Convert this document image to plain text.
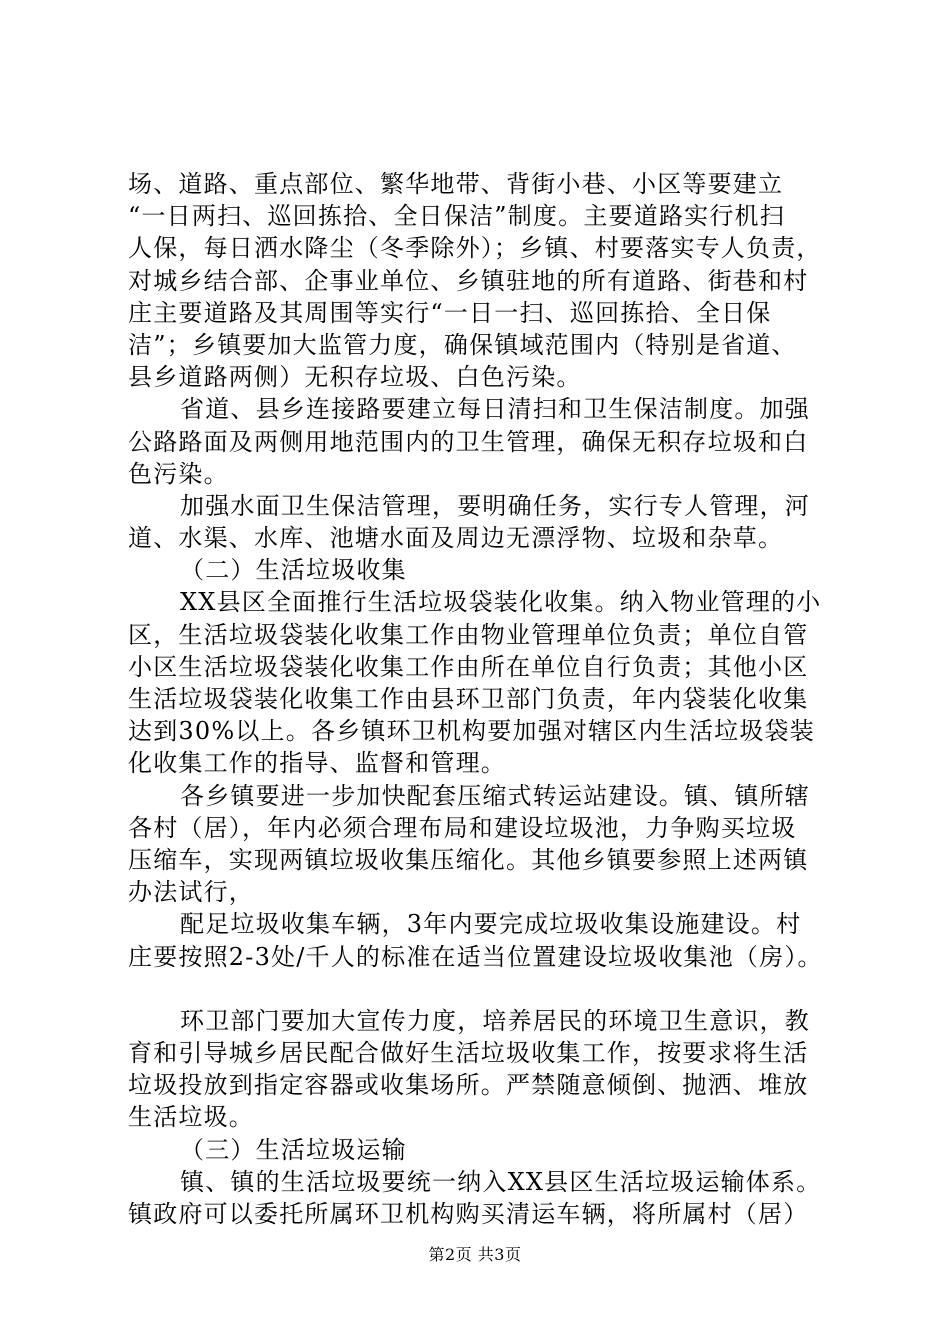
场、道路、重点部位、繁华地带、背街小巷、小区等要建立
“一日两扫、巡回拣拾、全日保洁”制度。主要道路实行机扫
人保，每日洒水降尘（冬季除外）；乡镇、村要落实专人负责，
对城乡结合部、企事业单位、乡镇驻地的所有道路、街巷和村
庄主要道路及其周围等实行“一日一扫、巡回拣拾、全日保
洁”；乡镇要加大监管力度，确保镇域范围内（特别是省道、
县乡道路两侧）无积存垃圾、白色污染。
省道、县乡连接路要建立每日清扫和卫生保洁制度。加强
公路路面及两侧用地范围内的卫生管理，确保无积存垃圾和白
色污染。
加强水面卫生保洁管理，要明确任务，实行专人管理，河
道、水渠、水库、池塘水面及周边无漂浮物、垃圾和杂草。
（二）生活垃圾收集
XX县区全面推行生活垃圾袋装化收集。纳入物业管理的小
区，生活垃圾袋装化收集工作由物业管理单位负责；单位自管
小区生活垃圾袋装化收集工作由所在单位自行负责；其他小区
生活垃圾袋装化收集工作由县环卫部门负责，年内袋装化收集
达到30%以上。各乡镇环卫机构要加强对辖区内生活垃圾袋装
化收集工作的指导、监督和管理。
各乡镇要进一步加快配套压缩式转运站建设。镇、镇所辖
各村（居），年内必须合理布局和建设垃圾池，力争购买垃圾
压缩车，实现两镇垃圾收集压缩化。其他乡镇要参照上述两镇
办法试行，
配足垃圾收集车辆，3年内要完成垃圾收集设施建设。村
庄要按照2-3处/千人的标准在适当位置建设垃圾收集池（房）。
环卫部门要加大宣传力度，培养居民的环境卫生意识，教
育和引导城乡居民配合做好生活垃圾收集工作，按要求将生活
垃圾投放到指定容器或收集场所。严禁随意倾倒、抛洒、堆放
生活垃圾。
（三）生活垃圾运输
镇、镇的生活垃圾要统一纳入XX县区生活垃圾运输体系。
镇政府可以委托所属环卫机构购买清运车辆，将所属村（居）
第2页 共3页
